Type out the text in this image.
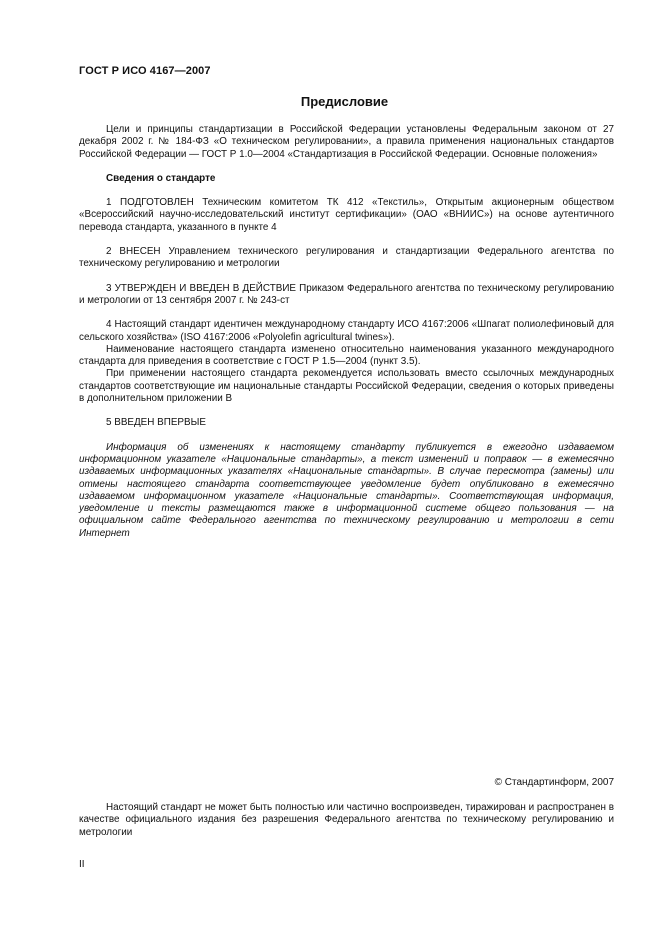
ГОСТ Р ИСО 4167—2007
Предисловие

Цели и принципы стандартизации в Российской Федерации установлены Федеральным законом от 27 декабря 2002 г. № 184-ФЗ «О техническом регулировании», а правила применения национальных стандартов Российской Федерации — ГОСТ Р 1.0—2004 «Стандартизация в Российской Федерации. Основные положения»

Сведения о стандарте

1 ПОДГОТОВЛЕН Техническим комитетом ТК 412 «Текстиль», Открытым акционерным обществом «Всероссийский научно-исследовательский институт сертификации» (ОАО «ВНИИС») на основе аутентичного перевода стандарта, указанного в пункте 4

2 ВНЕСЕН Управлением технического регулирования и стандартизации Федерального агентства по техническому регулированию и метрологии

3 УТВЕРЖДЕН И ВВЕДЕН В ДЕЙСТВИЕ Приказом Федерального агентства по техническому регулированию и метрологии от 13 сентября 2007 г. № 243-ст

4 Настоящий стандарт идентичен международному стандарту ИСО 4167:2006 «Шпагат полиолефиновый для сельского хозяйства» (ISO 4167:2006 «Polyolefin agricultural twines»).

Наименование настоящего стандарта изменено относительно наименования указанного международного стандарта для приведения в соответствие с ГОСТ Р 1.5—2004 (пункт 3.5).

При применении настоящего стандарта рекомендуется использовать вместо ссылочных международных стандартов соответствующие им национальные стандарты Российской Федерации, сведения о которых приведены в дополнительном приложении В

5 ВВЕДЕН ВПЕРВЫЕ

Информация об изменениях к настоящему стандарту публикуется в ежегодно издаваемом информационном указателе «Национальные стандарты», а текст изменений и поправок — в ежемесячно издаваемых информационных указателях «Национальные стандарты». В случае пересмотра (замены) или отмены настоящего стандарта соответствующее уведомление будет опубликовано в ежемесячно издаваемом информационном указателе «Национальные стандарты». Соответствующая информация, уведомление и тексты размещаются также в информационной системе общего пользования — на официальном сайте Федерального агентства по техническому регулированию и метрологии в сети Интернет

© Стандартинформ, 2007

Настоящий стандарт не может быть полностью или частично воспроизведен, тиражирован и распространен в качестве официального издания без разрешения Федерального агентства по техническому регулированию и метрологии

II
